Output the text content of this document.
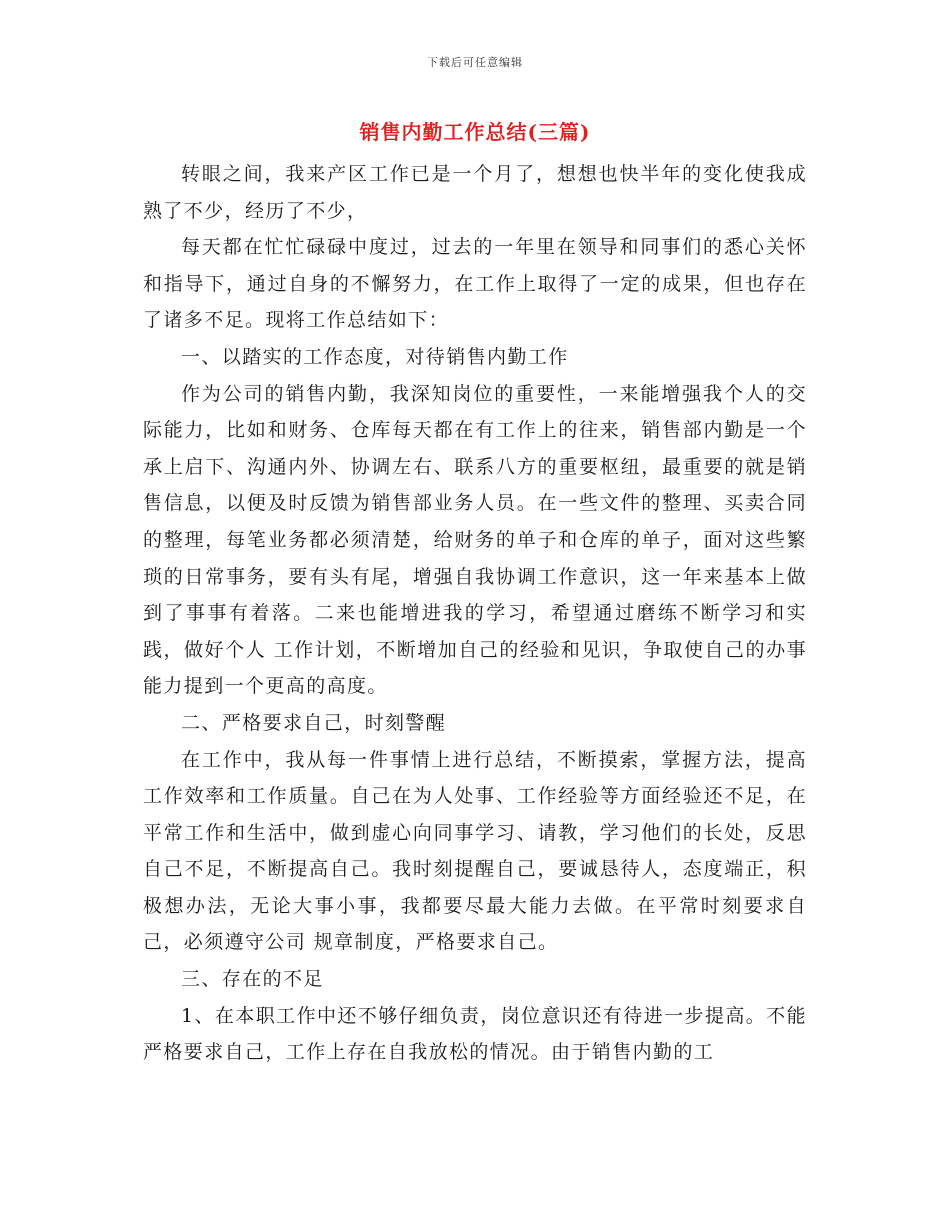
下载后可任意编辑
销售内勤工作总结(三篇)

转眼之间，我来产区工作已是一个月了，想想也快半年的变化使我成熟了不少，经历了不少，

每天都在忙忙碌碌中度过，过去的一年里在领导和同事们的悉心关怀和指导下，通过自身的不懈努力，在工作上取得了一定的成果，但也存在了诸多不足。现将工作总结如下：

一、以踏实的工作态度，对待销售内勤工作

作为公司的销售内勤，我深知岗位的重要性，一来能增强我个人的交际能力，比如和财务、仓库每天都在有工作上的往来，销售部内勤是一个承上启下、沟通内外、协调左右、联系八方的重要枢纽，最重要的就是销售信息，以便及时反馈为销售部业务人员。在一些文件的整理、买卖合同的整理，每笔业务都必须清楚，给财务的单子和仓库的单子，面对这些繁琐的日常事务，要有头有尾，增强自我协调工作意识，这一年来基本上做到了事事有着落。二来也能增进我的学习，希望通过磨练不断学习和实践，做好个人 工作计划，不断增加自己的经验和见识，争取使自己的办事能力提到一个更高的高度。

二、严格要求自己，时刻警醒

在工作中，我从每一件事情上进行总结，不断摸索，掌握方法，提高工作效率和工作质量。自己在为人处事、工作经验等方面经验还不足，在平常工作和生活中，做到虚心向同事学习、请教，学习他们的长处，反思自己不足，不断提高自己。我时刻提醒自己，要诚恳待人，态度端正，积极想办法，无论大事小事，我都要尽最大能力去做。在平常时刻要求自己，必须遵守公司 规章制度，严格要求自己。

三、存在的不足

1、在本职工作中还不够仔细负责，岗位意识还有待进一步提高。不能严格要求自己，工作上存在自我放松的情况。由于销售内勤的工
